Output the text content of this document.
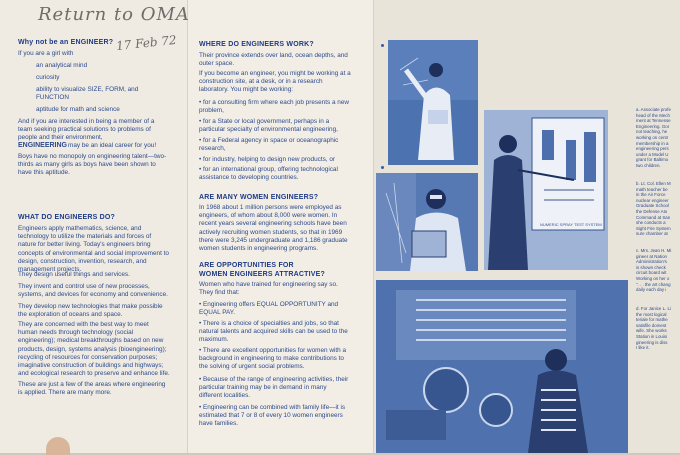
Return to OMA
17 Feb 72
Why not be an ENGINEER?
If you are a girl with
an analytical mind
curiosity
ability to visualize SIZE, FORM, and FUNCTION
aptitude for math and science
And if you are interested in being a member of a team seeking practical solutions to problems of people and their environment,
ENGINEERING may be an ideal career for you!
Boys have no monopoly on engineering talent—two-thirds as many girls as boys have been shown to have this aptitude.
WHAT DO ENGINEERS DO?
Engineers apply mathematics, science, and technology to utilize the materials and forces of nature for better living. Today's engineers bring concepts of environmental and social improvement to design, construction, invention, research, and management projects.
They design useful things and services.
They invent and control use of new processes, systems, and devices for economy and convenience.
They develop new technologies that make possible the exploration of oceans and space.
They are concerned with the best way to meet human needs through technology (social engineering); medical breakthroughs based on new products, design, systems analysis (bioengineering); recycling of resources for conservation purposes; imaginative construction of buildings and highways; and ecological research to preserve and enhance life.
These are just a few of the areas where engineering is applied. There are many more.
WHERE DO ENGINEERS WORK?
Their province extends over land, ocean depths, and outer space.
If you become an engineer, you might be working at a construction site, at a desk, or in a research laboratory. You might be working:
• for a consulting firm where each job presents a new problem,
• for a State or local government, perhaps in a particular specialty of environmental engineering,
• for a Federal agency in space or oceanographic research,
• for industry, helping to design new products, or
• for an international group, offering technological assistance to developing countries.
ARE MANY WOMEN ENGINEERS?
In 1968 about 1 million persons were employed as engineers, of whom about 8,000 were women. In recent years several engineering schools have been actively recruiting women students, so that in 1969 there were 3,245 undergraduate and 1,186 graduate women students in engineering programs.
ARE OPPORTUNITIES FOR
WOMEN ENGINEERS ATTRACTIVE?
Women who have trained for engineering say so. They find that:
• Engineering offers EQUAL OPPORTUNITY and EQUAL PAY.
• There is a choice of specialties and jobs, so that natural talents and acquired skills can be used to the maximum.
• There are excellent opportunities for women with a background in engineering to make contributions to the solving of urgent social problems.
• Because of the range of engineering activities, their particular training may be in demand in many different localities.
• Engineering can be combined with family life—it is estimated that 7 or 8 of every 10 women engineers have families.
NUMERIC SPRAY TEST SYSTEM
a. Associate profe
head of the Mech
ment at Tennesse
Engineering. Gor
not teaching, he
working on centr
membership in a
engineering pers
under a Model U
grant for Baltimo
two children.
b. Lt. Col. Ellen M
math teacher be
in the Air Force
nuclear engineer
Graduate School
the Defense Ato
Command at San
she conducts a
Sight Fire System
sure chamber at
c. Mrs. Jean H. Mi
gineer at Nation
Administration's
is shown check
circuit board wit
Working on her o
". . . the art chang
daily each day i
d. For Janice L. Li
the most logical
teriale for mathe
satisfile domest
wife. She works
Station in Louisi
gineering is diss
I like it.
